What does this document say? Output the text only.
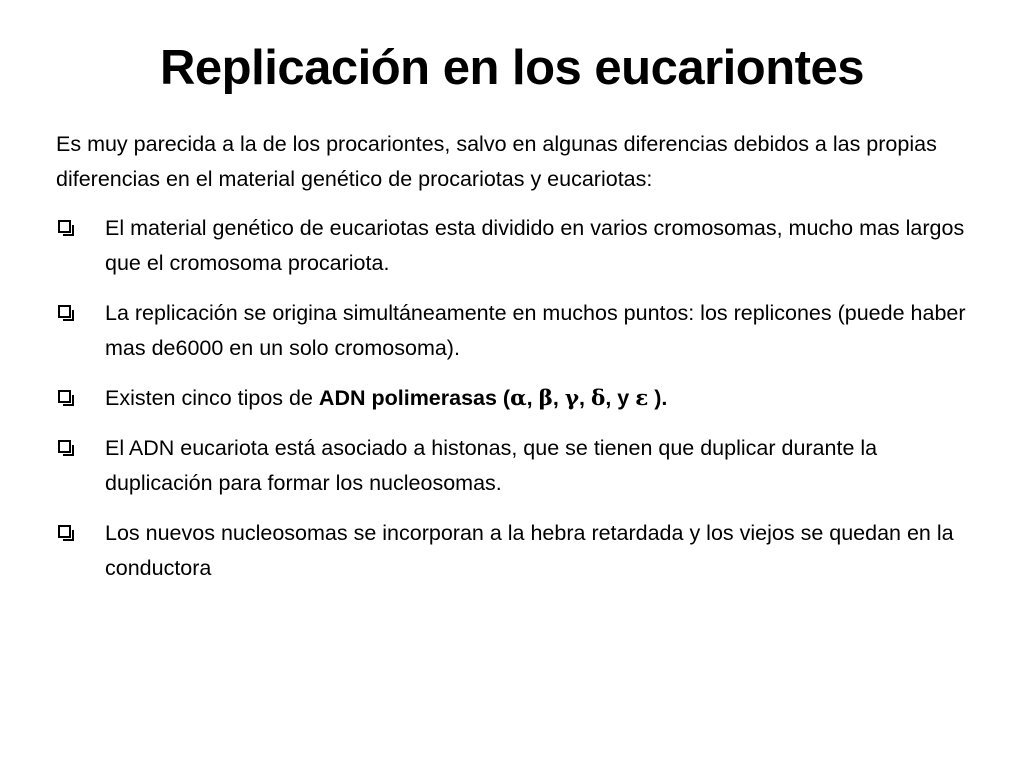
Replicación en los eucariontes

Es muy parecida a la de los procariontes, salvo en algunas diferencias debidos a las propias diferencias en el material genético de procariotas y eucariotas:

El material genético de eucariotas esta dividido en varios cromosomas, mucho mas largos que el cromosoma procariota.
La replicación se origina simultáneamente en muchos puntos: los replicones (puede haber mas de6000 en un solo cromosoma).
Existen cinco tipos de ADN polimerasas (α, β, γ, δ, y ε ).
El ADN eucariota está asociado a histonas, que se tienen que duplicar durante la duplicación para formar los nucleosomas.
Los nuevos nucleosomas se incorporan a la hebra retardada y los viejos se quedan en la conductora
